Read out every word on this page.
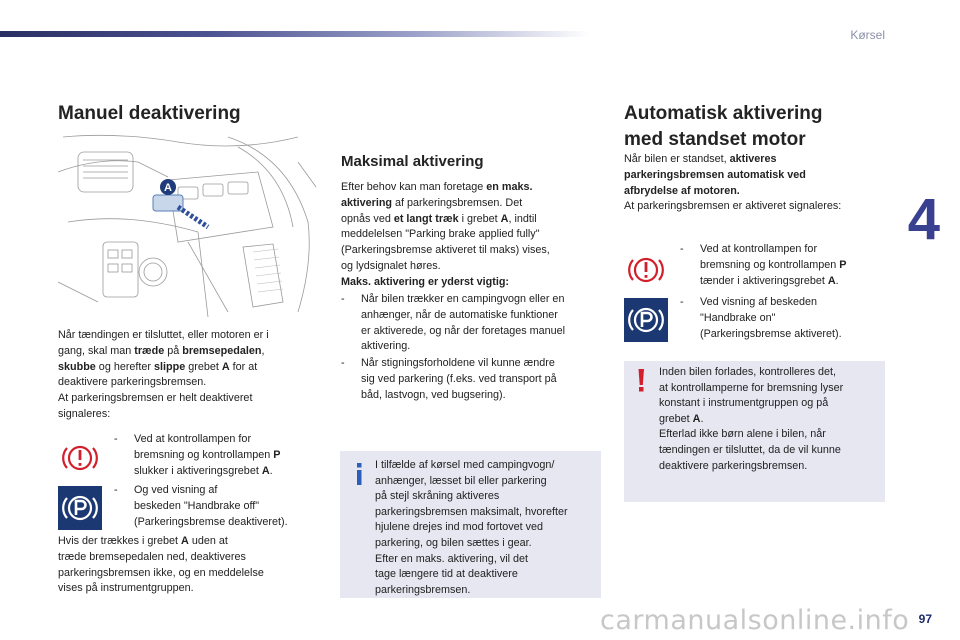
Kørsel
4
97
carmanualsonline.info
Manuel deaktivering
A

Når tændingen er tilsluttet, eller motoren er i

gang, skal man træde på bremsepedalen,

skubbe og herefter slippe grebet A for at

deaktivere parkeringsbremsen.

At parkeringsbremsen er helt deaktiveret

signaleres:

- Ved at kontrollampen for

bremsning og kontrollampen P

slukker i aktiveringsgrebet A.

- Og ved visning af

beskeden "Handbrake off"

(Parkeringsbremse deaktiveret).

Hvis der trækkes i grebet A uden at

træde bremsepedalen ned, deaktiveres

parkeringsbremsen ikke, og en meddelelse

vises på instrumentgruppen.

Maksimal aktivering

Efter behov kan man foretage en maks.

aktivering af parkeringsbremsen. Det

opnås ved et langt træk i grebet A, indtil

meddelelsen "Parking brake applied fully"

(Parkeringsbremse aktiveret til maks) vises,

og lydsignalet høres.

Maks. aktivering er yderst vigtig:

- Når bilen trækker en campingvogn eller en

anhænger, når de automatiske funktioner

er aktiverede, og når der foretages manuel

aktivering.

- Når stigningsforholdene vil kunne ændre

sig ved parkering (f.eks. ved transport på

båd, lastvogn, ved bugsering).

I tilfælde af kørsel med campingvogn/

anhænger, læsset bil eller parkering

på stejl skråning aktiveres

parkeringsbremsen maksimalt, hvorefter

hjulene drejes ind mod fortovet ved

parkering, og bilen sættes i gear.

Efter en maks. aktivering, vil det

tage længere tid at deaktivere

parkeringsbremsen.

Automatisk aktivering
med standset motor

Når bilen er standset, aktiveres

parkeringsbremsen automatisk ved

afbrydelse af motoren.

At parkeringsbremsen er aktiveret signaleres:

- Ved at kontrollampen for

bremsning og kontrollampen P

tænder i aktiveringsgrebet A.

- Ved visning af beskeden

"Handbrake on"

(Parkeringsbremse aktiveret).

Inden bilen forlades, kontrolleres det,

at kontrollamperne for bremsning lyser

konstant i instrumentgruppen og på

grebet A.

Efterlad ikke børn alene i bilen, når

tændingen er tilsluttet, da de vil kunne

deaktivere parkeringsbremsen.
